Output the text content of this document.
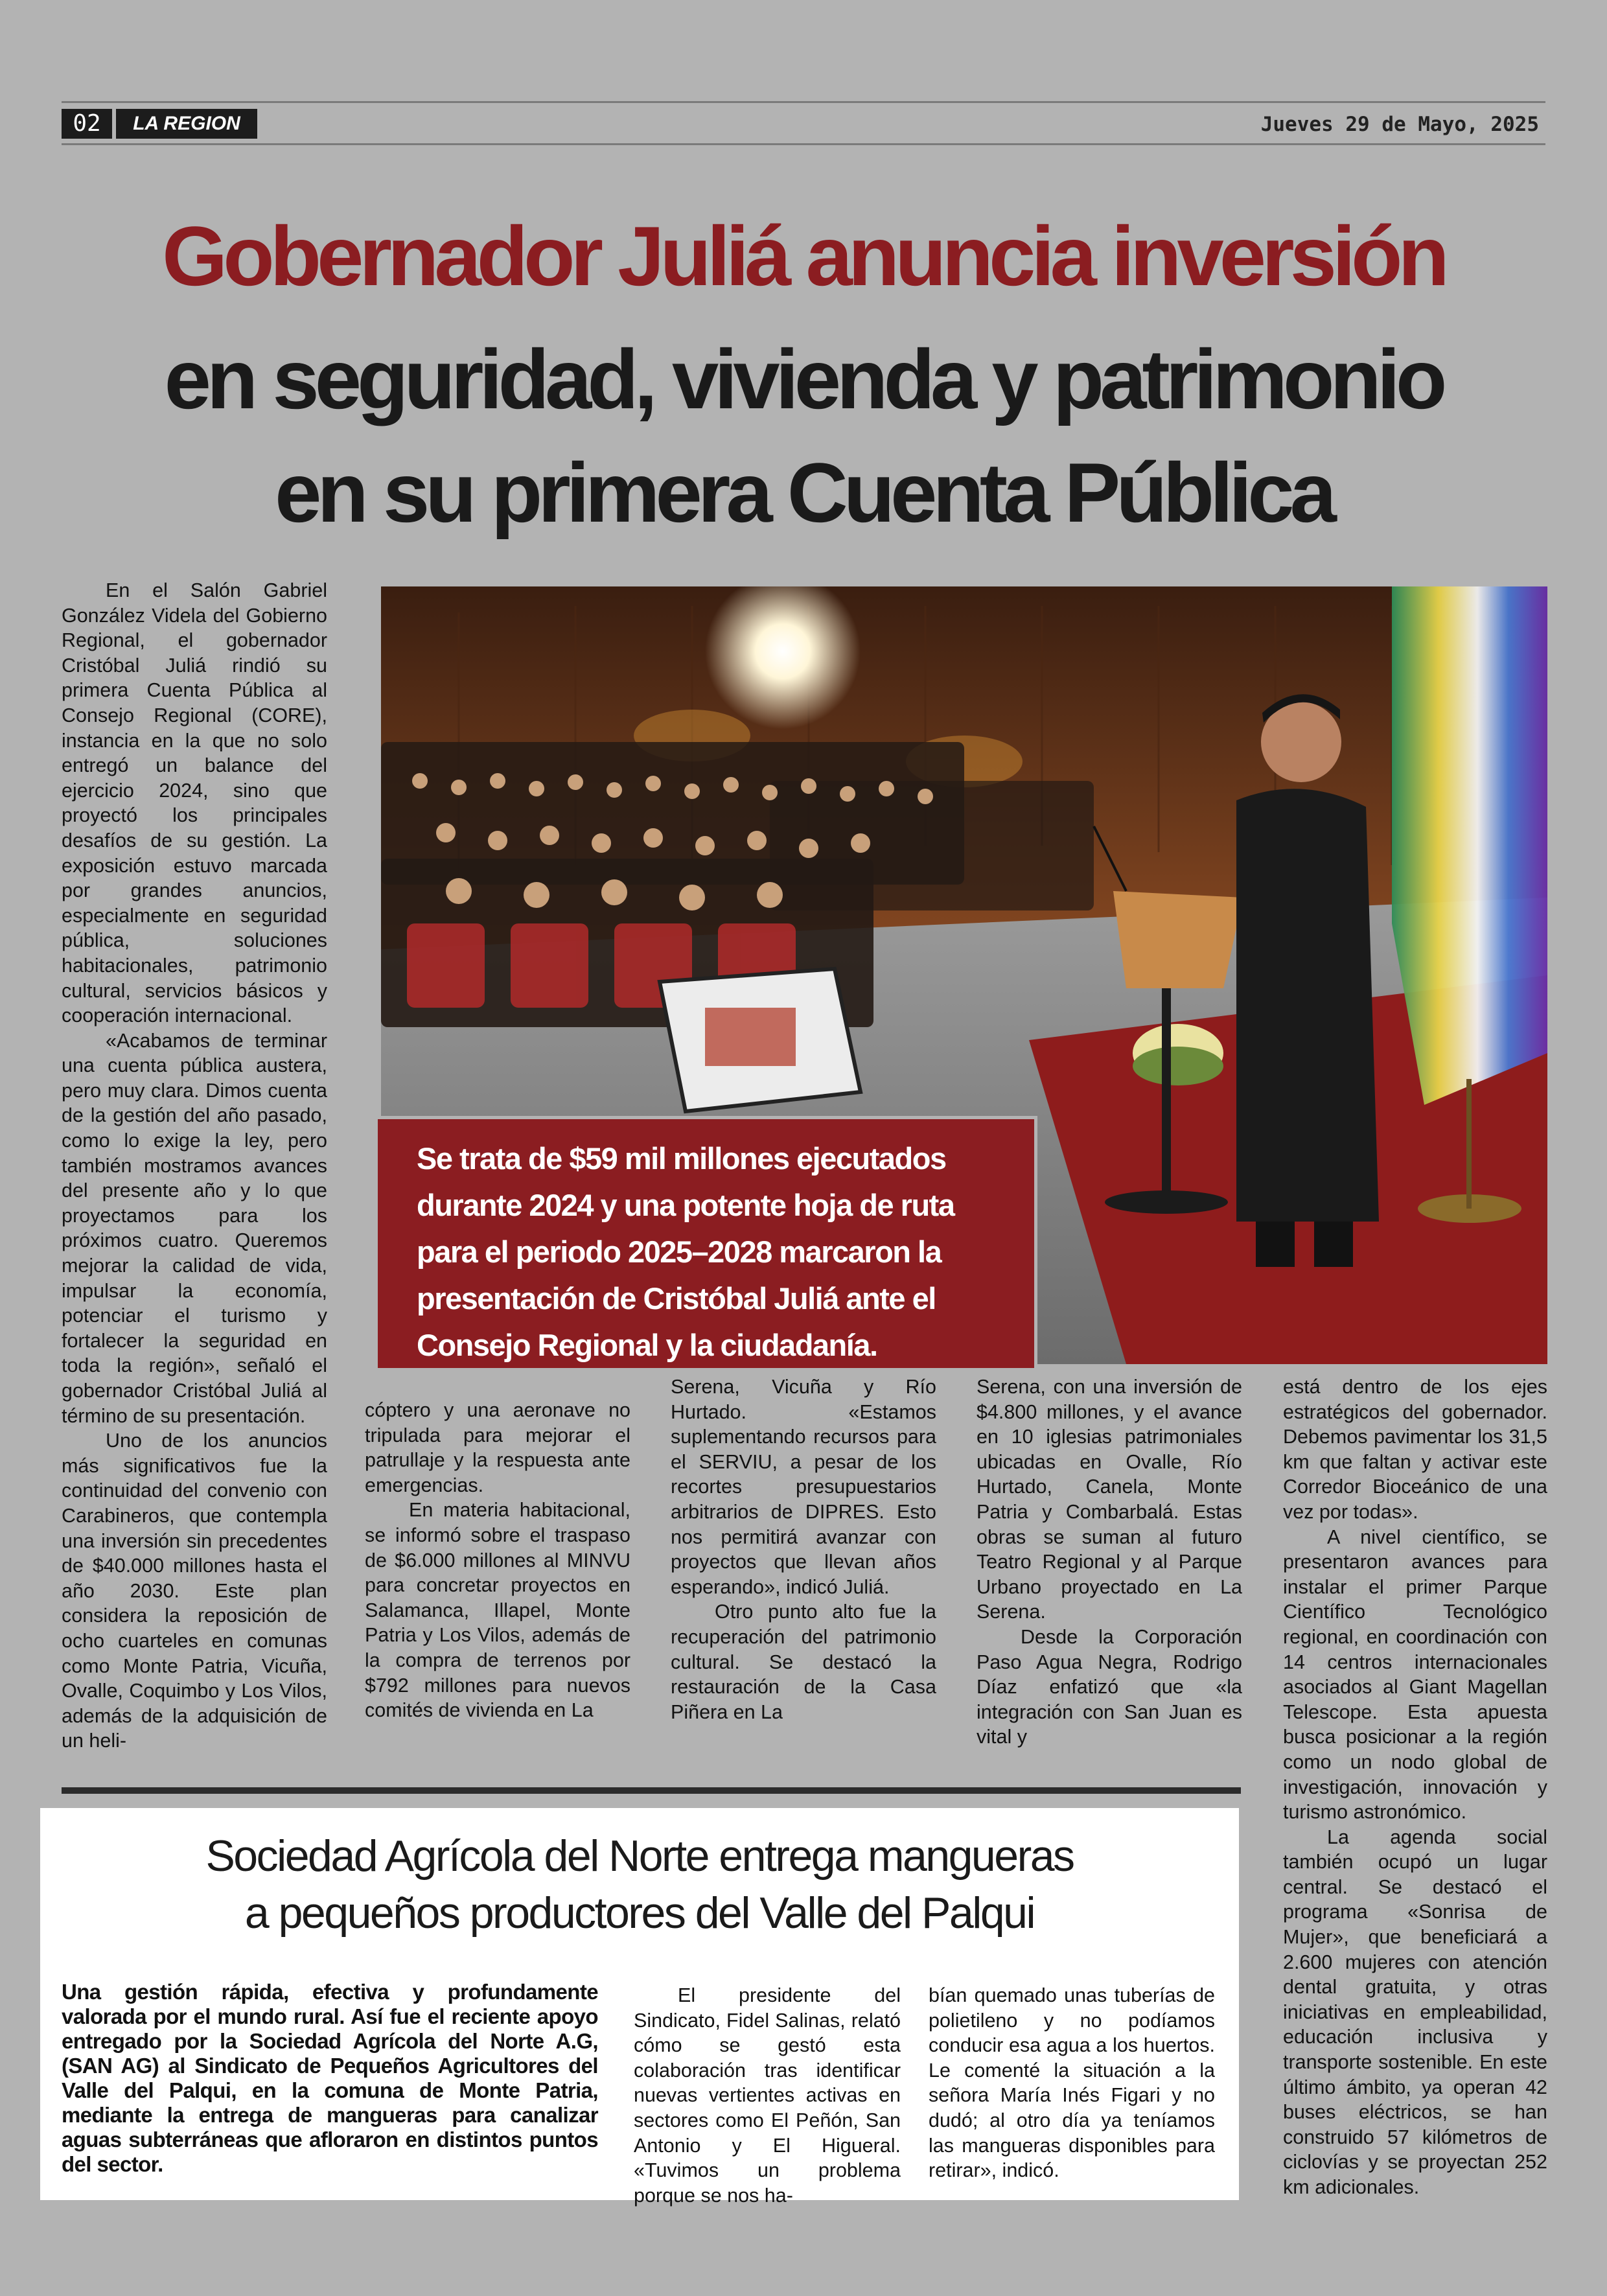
02	LA REGION	Jueves 29 de Mayo, 2025
Gobernador Juliá anuncia inversión
en seguridad, vivienda y patrimonio
en su primera Cuenta Pública

En el Salón Gabriel González Videla del Gobierno Regional, el gobernador Cristóbal Juliá rindió su primera Cuenta Pública al Consejo Regional (CORE), instancia en la que no solo entregó un balance del ejercicio 2024, sino que proyectó los principales desafíos de su gestión. La exposición estuvo marcada por grandes anuncios, especialmente en seguridad pública, soluciones habitacionales, patrimonio cultural, servicios básicos y cooperación internacional.

«Acabamos de terminar una cuenta pública austera, pero muy clara. Dimos cuenta de la gestión del año pasado, como lo exige la ley, pero también mostramos avances del presente año y lo que proyectamos para los próximos cuatro. Queremos mejorar la calidad de vida, impulsar la economía, potenciar el turismo y fortalecer la seguridad en toda la región», señaló el gobernador Cristóbal Juliá al término de su presentación.

Uno de los anuncios más significativos fue la continuidad del convenio con Carabineros, que contempla una inversión sin precedentes de $40.000 millones hasta el año 2030. Este plan considera la reposición de ocho cuarteles en comunas como Monte Patria, Vicuña, Ovalle, Coquimbo y Los Vilos, además de la adquisición de un heli-

Se trata de $59 mil millones ejecutados
durante 2024 y una potente hoja de ruta
para el periodo 2025–2028 marcaron la
presentación de Cristóbal Juliá ante el
Consejo Regional y la ciudadanía.

cóptero y una aeronave no tripulada para mejorar el patrullaje y la respuesta ante emergencias.

En materia habitacional, se informó sobre el traspaso de $6.000 millones al MINVU para concretar proyectos en Salamanca, Illapel, Monte Patria y Los Vilos, además de la compra de terrenos por $792 millones para nuevos comités de vivienda en La

Serena, Vicuña y Río Hurtado. «Estamos suplementando recursos para el SERVIU, a pesar de los recortes presupuestarios arbitrarios de DIPRES. Esto nos permitirá avanzar con proyectos que llevan años esperando», indicó Juliá.

Otro punto alto fue la recuperación del patrimonio cultural. Se destacó la restauración de la Casa Piñera en La

Serena, con una inversión de $4.800 millones, y el avance en 10 iglesias patrimoniales ubicadas en Ovalle, Río Hurtado, Canela, Monte Patria y Combarbalá. Estas obras se suman al futuro Teatro Regional y al Parque Urbano proyectado en La Serena.

Desde la Corporación Paso Agua Negra, Rodrigo Díaz enfatizó que «la integración con San Juan es vital y

está dentro de los ejes estratégicos del gobernador. Debemos pavimentar los 31,5 km que faltan y activar este Corredor Bioceánico de una vez por todas».

A nivel científico, se presentaron avances para instalar el primer Parque Científico Tecnológico regional, en coordinación con 14 centros internacionales asociados al Giant Magellan Telescope. Esta apuesta busca posicionar a la región como un nodo global de investigación, innovación y turismo astronómico.

La agenda social también ocupó un lugar central. Se destacó el programa «Sonrisa de Mujer», que beneficiará a 2.600 mujeres con atención dental gratuita, y otras iniciativas en empleabilidad, educación inclusiva y transporte sostenible. En este último ámbito, ya operan 42 buses eléctricos, se han construido 57 kilómetros de ciclovías y se proyectan 252 km adicionales.

Sociedad Agrícola del Norte entrega mangueras
a pequeños productores del Valle del Palqui
Una gestión rápida, efectiva y profundamente valorada por el mundo rural. Así fue el reciente apoyo entregado por la Sociedad Agrícola del Norte A.G, (SAN AG) al Sindicato de Pequeños Agricultores del Valle del Palqui, en la comuna de Monte Patria, mediante la entrega de mangueras para canalizar aguas subterráneas que afloraron en distintos puntos del sector.

El presidente del Sindicato, Fidel Salinas, relató cómo se gestó esta colaboración tras identificar nuevas vertientes activas en sectores como El Peñón, San Antonio y El Higueral. «Tuvimos un problema porque se nos ha-

bían quemado unas tuberías de polietileno y no podíamos conducir esa agua a los huertos. Le comenté la situación a la señora María Inés Figari y no dudó; al otro día ya teníamos las mangueras disponibles para retirar», indicó.
